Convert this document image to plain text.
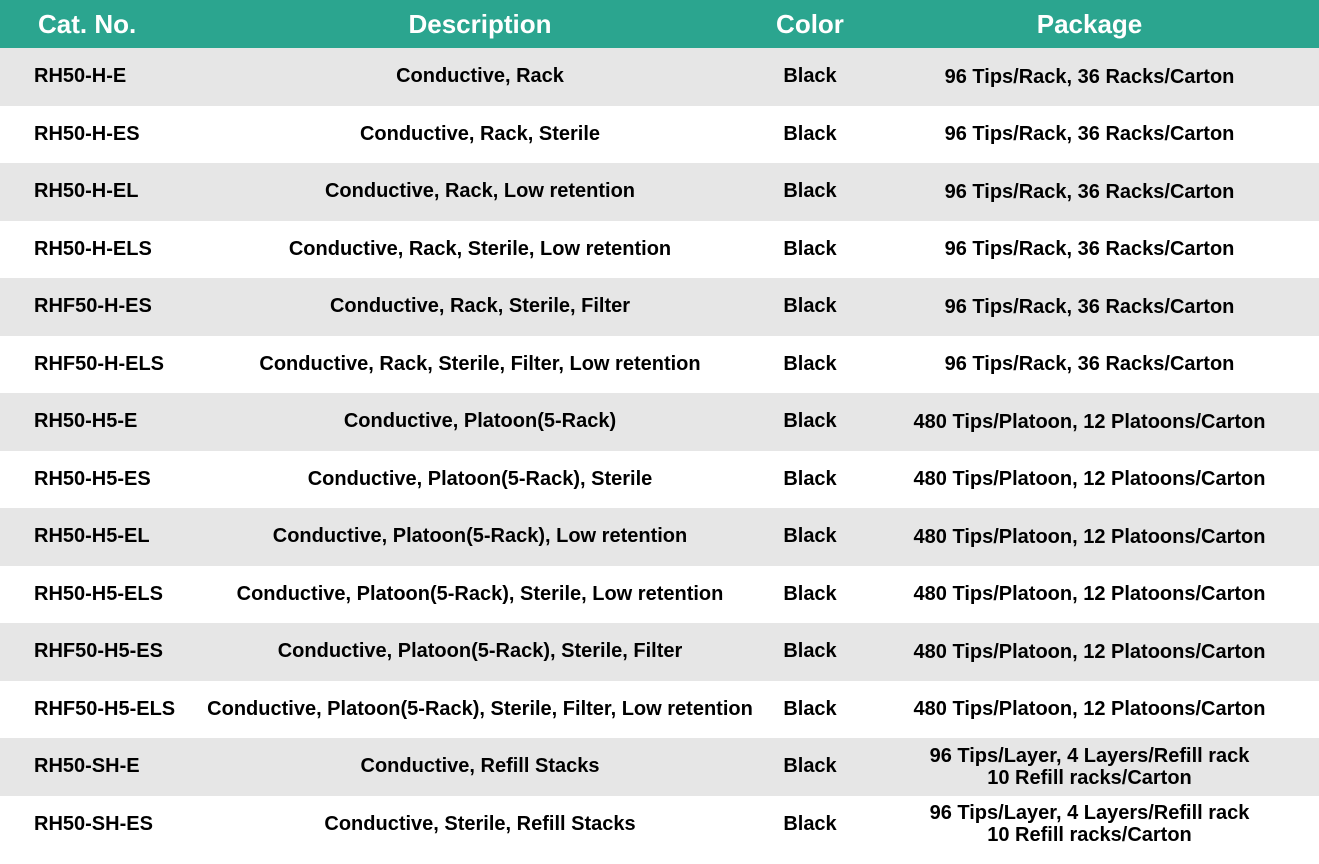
Cat. No.	Description	Color	Package
RH50-H-E	Conductive, Rack	Black	96 Tips/Rack, 36 Racks/Carton

RH50-H-ES	Conductive, Rack, Sterile	Black	96 Tips/Rack, 36 Racks/Carton

RH50-H-EL	Conductive, Rack, Low retention	Black	96 Tips/Rack, 36 Racks/Carton

RH50-H-ELS	Conductive, Rack, Sterile, Low retention	Black	96 Tips/Rack, 36 Racks/Carton

RHF50-H-ES	Conductive, Rack, Sterile, Filter	Black	96 Tips/Rack, 36 Racks/Carton

RHF50-H-ELS	Conductive, Rack, Sterile, Filter, Low retention	Black	96 Tips/Rack, 36 Racks/Carton

RH50-H5-E	Conductive, Platoon(5-Rack)	Black	480 Tips/Platoon, 12 Platoons/Carton

RH50-H5-ES	Conductive, Platoon(5-Rack), Sterile	Black	480 Tips/Platoon, 12 Platoons/Carton

RH50-H5-EL	Conductive, Platoon(5-Rack), Low retention	Black	480 Tips/Platoon, 12 Platoons/Carton

RH50-H5-ELS	Conductive, Platoon(5-Rack), Sterile, Low retention	Black	480 Tips/Platoon, 12 Platoons/Carton

RHF50-H5-ES	Conductive, Platoon(5-Rack), Sterile, Filter	Black	480 Tips/Platoon, 12 Platoons/Carton

RHF50-H5-ELS	Conductive, Platoon(5-Rack), Sterile, Filter, Low retention	Black	480 Tips/Platoon, 12 Platoons/Carton

RH50-SH-E	Conductive, Refill Stacks	Black	96 Tips/Layer, 4 Layers/Refill rack
10 Refill racks/Carton

RH50-SH-ES	Conductive, Sterile, Refill Stacks	Black	96 Tips/Layer, 4 Layers/Refill rack
10 Refill racks/Carton
